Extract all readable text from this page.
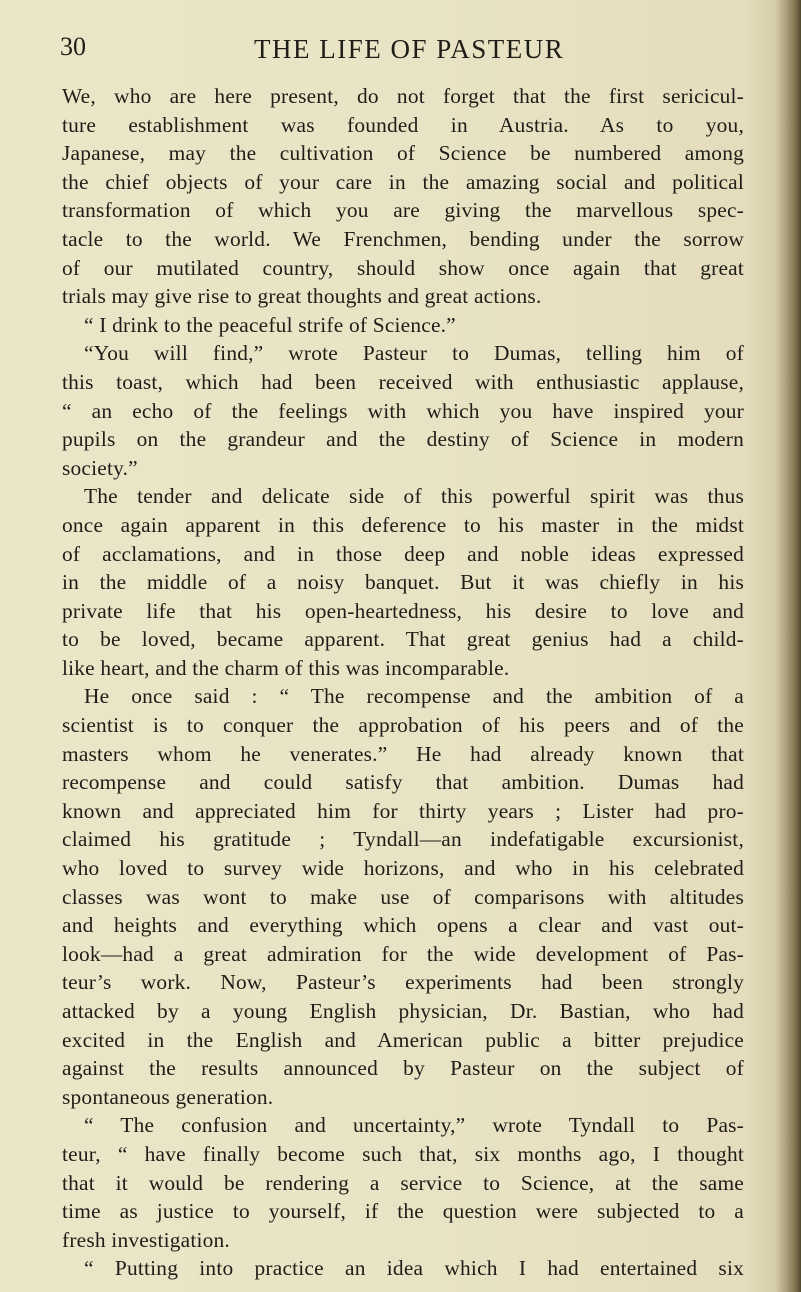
30	THE LIFE OF PASTEUR
We, who are here present, do not forget that the first sericicul-
ture establishment was founded in Austria. As to you,
Japanese, may the cultivation of Science be numbered among
the chief objects of your care in the amazing social and political
transformation of which you are giving the marvellous spec-
tacle to the world. We Frenchmen, bending under the sorrow
of our mutilated country, should show once again that great
trials may give rise to great thoughts and great actions.
“ I drink to the peaceful strife of Science.”
“You will find,” wrote Pasteur to Dumas, telling him of
this toast, which had been received with enthusiastic applause,
“ an echo of the feelings with which you have inspired your
pupils on the grandeur and the destiny of Science in modern
society.”
The tender and delicate side of this powerful spirit was thus
once again apparent in this deference to his master in the midst
of acclamations, and in those deep and noble ideas expressed
in the middle of a noisy banquet. But it was chiefly in his
private life that his open-heartedness, his desire to love and
to be loved, became apparent. That great genius had a child-
like heart, and the charm of this was incomparable.
He once said : “ The recompense and the ambition of a
scientist is to conquer the approbation of his peers and of the
masters whom he venerates.” He had already known that
recompense and could satisfy that ambition. Dumas had
known and appreciated him for thirty years ; Lister had pro-
claimed his gratitude ; Tyndall—an indefatigable excursionist,
who loved to survey wide horizons, and who in his celebrated
classes was wont to make use of comparisons with altitudes
and heights and everything which opens a clear and vast out-
look—had a great admiration for the wide development of Pas-
teur’s work. Now, Pasteur’s experiments had been strongly
attacked by a young English physician, Dr. Bastian, who had
excited in the English and American public a bitter prejudice
against the results announced by Pasteur on the subject of
spontaneous generation.
“ The confusion and uncertainty,” wrote Tyndall to Pas-
teur, “ have finally become such that, six months ago, I thought
that it would be rendering a service to Science, at the same
time as justice to yourself, if the question were subjected to a
fresh investigation.
“ Putting into practice an idea which I had entertained six
